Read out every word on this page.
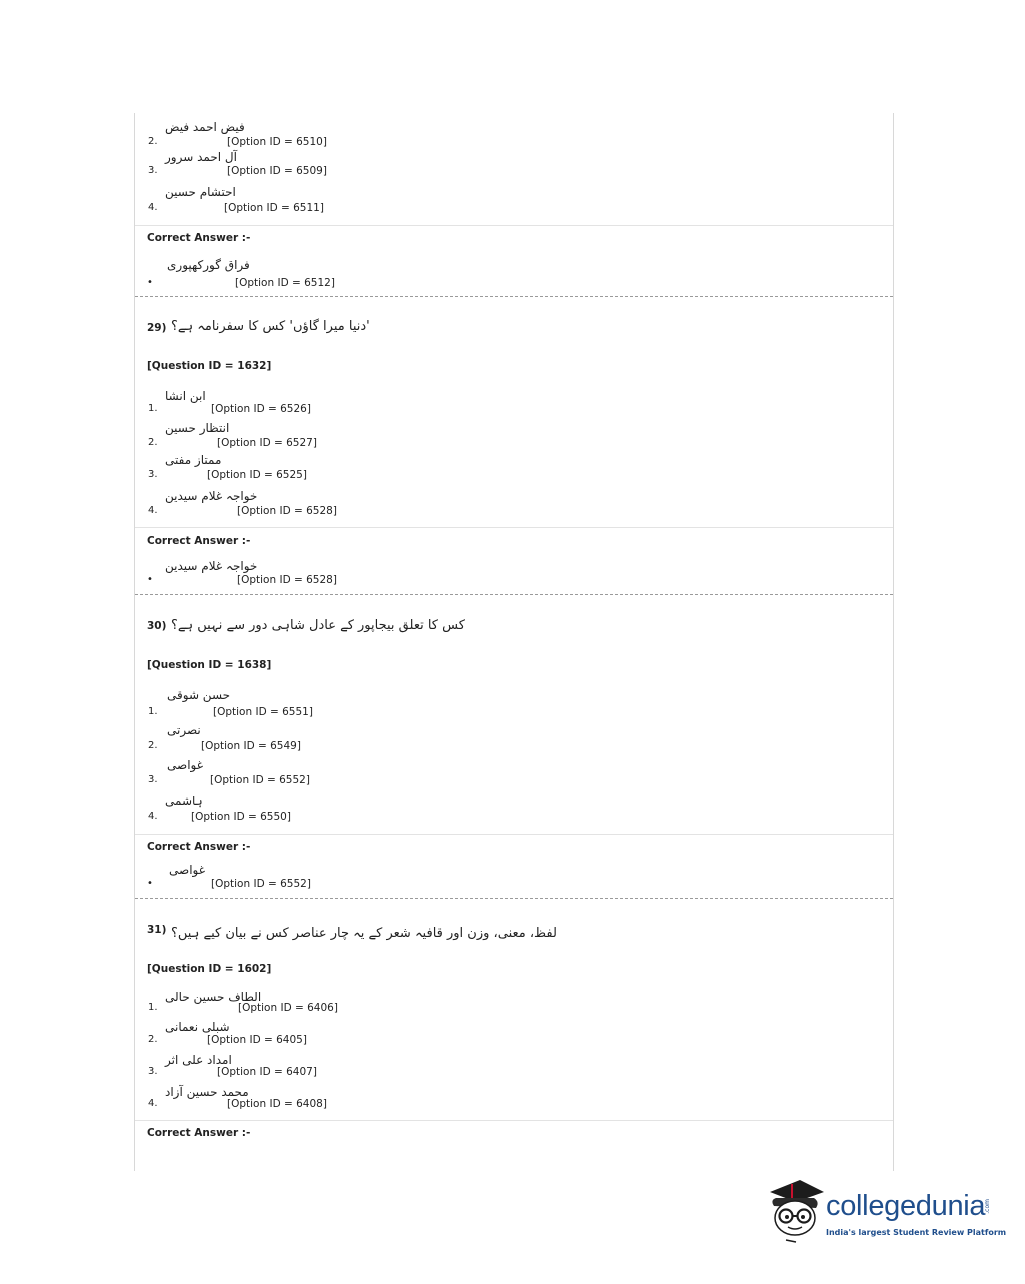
2.
فیض احمد فیض
[Option ID = 6510]
3.
آل احمد سرور
[Option ID = 6509]
4.
احتشام حسین
[Option ID = 6511]
Correct Answer :-
فراق گورکھپوری
•	[Option ID = 6512]
29) 'دنیا میرا گاؤں' کس کا سفرنامہ ہے؟
[Question ID = 1632]
1.
ابن انشا
[Option ID = 6526]
2.
انتظار حسین
[Option ID = 6527]
3.
ممتاز مفتی
[Option ID = 6525]
4.
خواجہ غلام سیدین
[Option ID = 6528]
Correct Answer :-
خواجہ غلام سیدین
•	[Option ID = 6528]
30) کس کا تعلق بیجاپور کے عادل شاہی دور سے نہیں ہے؟
[Question ID = 1638]
1.
حسن شوقی
[Option ID = 6551]
2.
نصرتی
[Option ID = 6549]
3.
غواصی
[Option ID = 6552]
4.
ہاشمی
[Option ID = 6550]
Correct Answer :-
غواصی
•	[Option ID = 6552]
31) لفظ، معنی، وزن اور قافیہ شعر کے یہ چار عناصر کس نے بیان کیے ہیں؟
[Question ID = 1602]
1.
الطاف حسین حالی
[Option ID = 6406]
2.
شبلی نعمانی
[Option ID = 6405]
3.
امداد علی اثر
[Option ID = 6407]
4.
محمد حسین آزاد
[Option ID = 6408]
Correct Answer :-
collegedunia
.com
India's largest Student Review Platform
